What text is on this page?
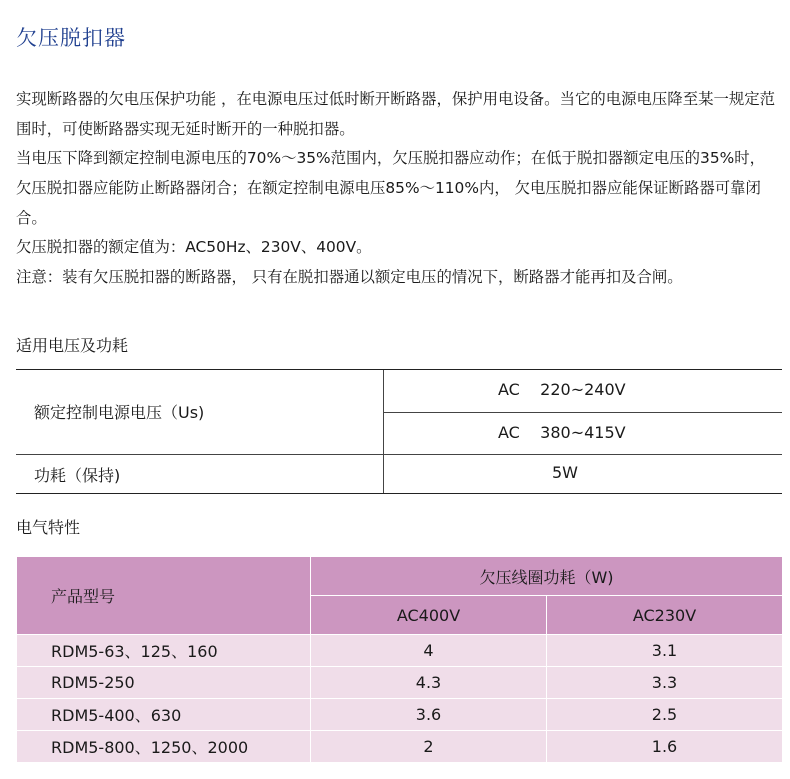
欠压脱扣器
实现断路器的欠电压保护功能 ，在电源电压过低时断开断路器，保护用电设备。当它的电源电压降至某一规定范围时，可使断路器实现无延时断开的一种脱扣器。
当电压下降到额定控制电源电压的70%～35%范围内，欠压脱扣器应动作；在低于脱扣器额定电压的35%时， 欠压脱扣器应能防止断路器闭合；在额定控制电源电压85%～110%内， 欠电压脱扣器应能保证断路器可靠闭合。
欠压脱扣器的额定值为：AC50Hz、230V、400V。
注意：装有欠压脱扣器的断路器， 只有在脱扣器通以额定电压的情况下，断路器才能再扣及合闸。
适用电压及功耗
额定控制电源电压（Us)
AC    220~240V
AC    380~415V
功耗（保持)	5W
电气特性
产品型号	欠压线圈功耗（W)	
	AC400V	AC230V
RDM5-63、125、160	4	3.1
RDM5-250	4.3	3.3
RDM5-400、630	3.6	2.5
RDM5-800、1250、2000	2	1.6
